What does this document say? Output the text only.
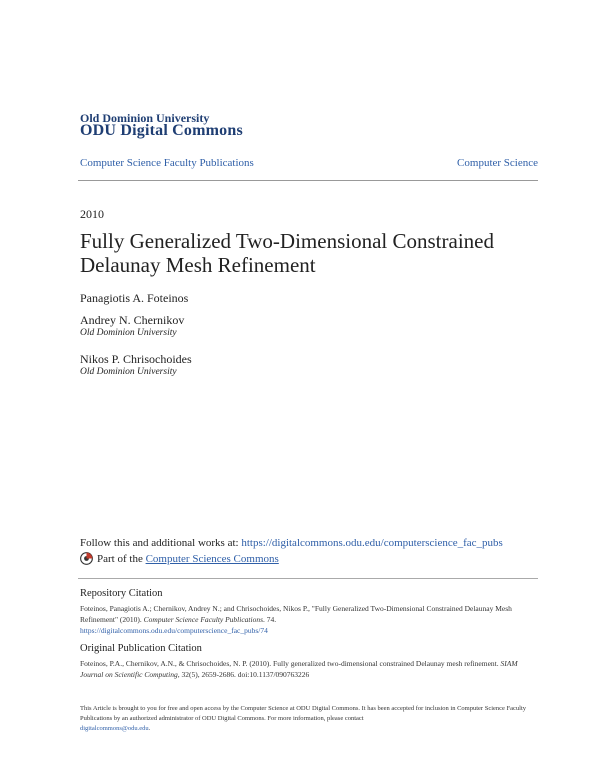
Old Dominion University
ODU Digital Commons
Computer Science Faculty Publications	Computer Science
2010
Fully Generalized Two-Dimensional Constrained Delaunay Mesh Refinement
Panagiotis A. Foteinos
Andrey N. Chernikov
Old Dominion University
Nikos P. Chrisochoides
Old Dominion University
Follow this and additional works at: https://digitalcommons.odu.edu/computerscience_fac_pubs
Part of the
Computer Sciences Commons
Repository Citation
Foteinos, Panagiotis A.; Chernikov, Andrey N.; and Chrisochoides, Nikos P., "Fully Generalized Two-Dimensional Constrained Delaunay Mesh Refinement" (2010). Computer Science Faculty Publications. 74.
https://digitalcommons.odu.edu/computerscience_fac_pubs/74
Original Publication Citation
Foteinos, P.A., Chernikov, A.N., & Chrisochoides, N. P. (2010). Fully generalized two-dimensional constrained Delaunay mesh refinement. SIAM Journal on Scientific Computing, 32(5), 2659-2686. doi:10.1137/090763226
This Article is brought to you for free and open access by the Computer Science at ODU Digital Commons. It has been accepted for inclusion in Computer Science Faculty Publications by an authorized administrator of ODU Digital Commons. For more information, please contact
digitalcommons@odu.edu.
